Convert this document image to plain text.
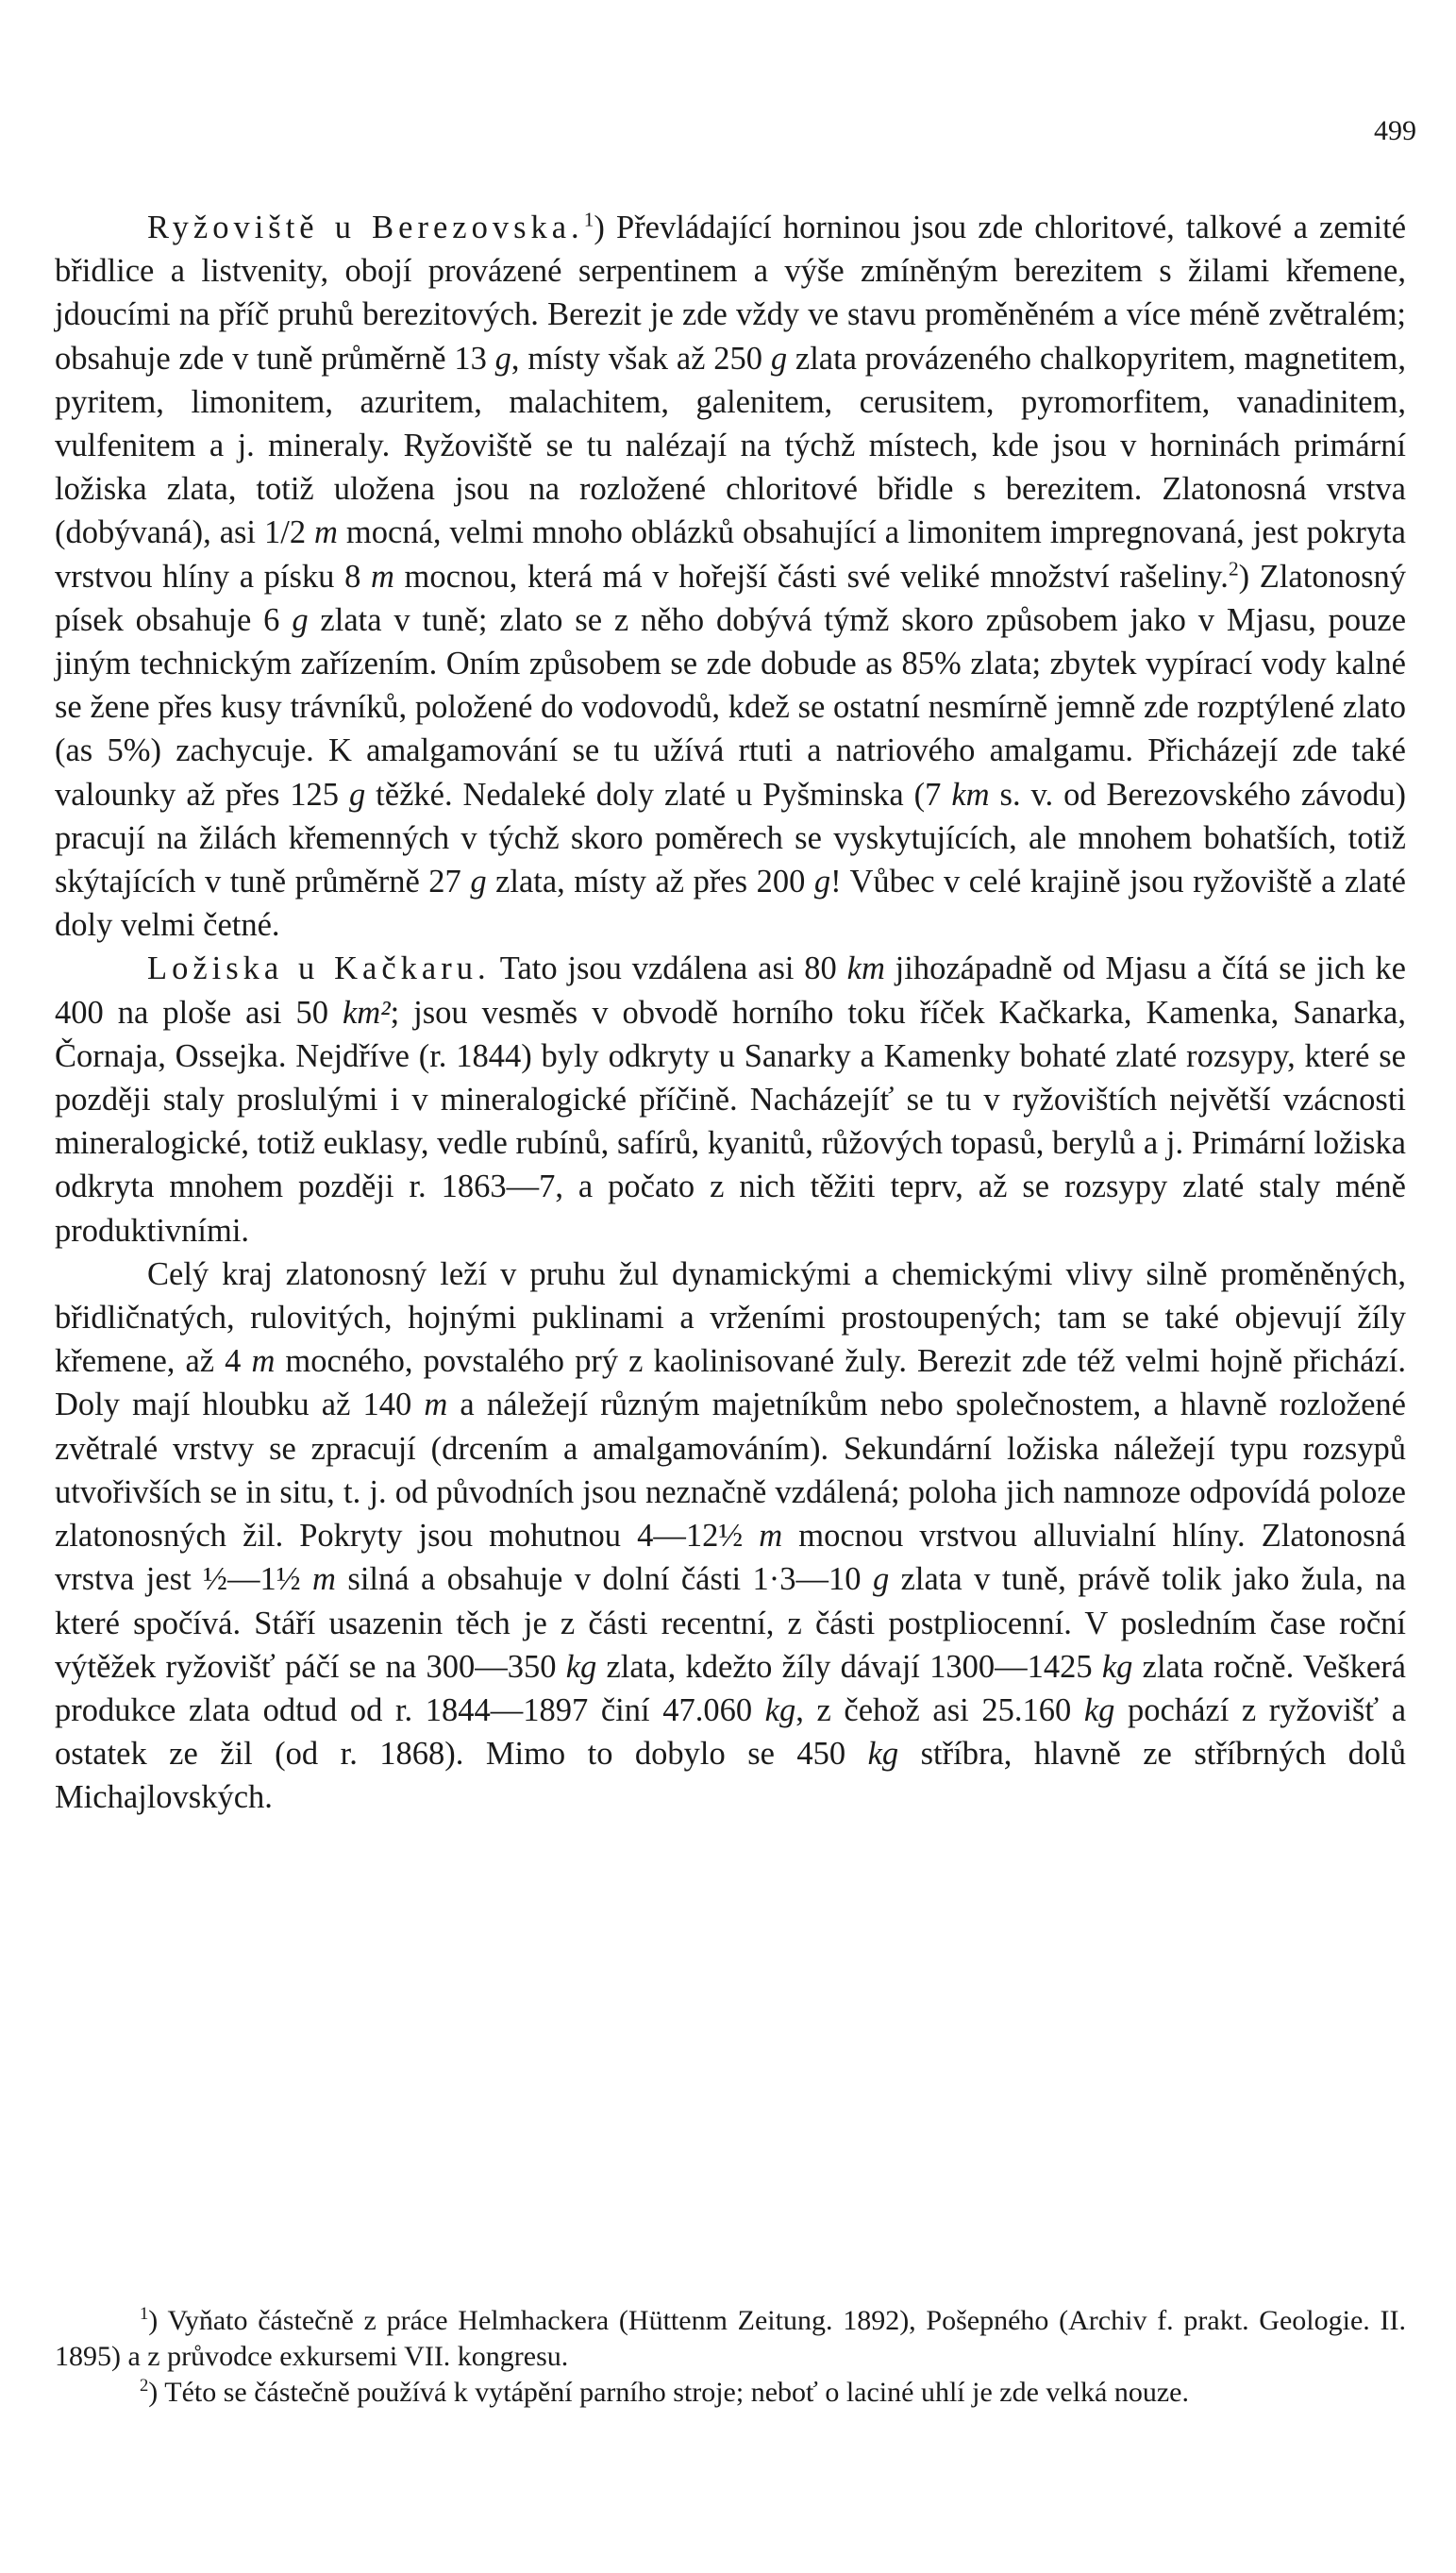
499

Ryžoviště u Berezovska.$^1$) Převládající horninou jsou zde chloritové, talkové a zemité břidlice a listvenity, obojí provázené serpentinem a výše zmíněným berezitem s žilami křemene, jdoucími na příč pruhů berezitových. Berezit je zde vždy ve stavu proměněném a více méně zvětralém; obsahuje zde v tuně průměrně 13 g, místy však až 250 g zlata provázeného chalkopyritem, magnetitem, pyritem, limonitem, azuritem, malachitem, galenitem, cerusitem, pyromorfitem, vanadinitem, vulfenitem a j. mineraly. Ryžoviště se tu nalézají na týchž místech, kde jsou v horninách primární ložiska zlata, totiž uložena jsou na rozložené chloritové břidle s berezitem. Zlatonosná vrstva (dobývaná), asi 1/2 m mocná, velmi mnoho oblázků obsahující a limonitem impregnovaná, jest pokryta vrstvou hlíny a písku 8 m mocnou, která má v hořejší části své veliké množství rašeliny.$^2$) Zlatonosný písek obsahuje 6 g zlata v tuně; zlato se z něho dobývá týmž skoro způsobem jako v Mjasu, pouze jiným technickým zařízením. Oním způsobem se zde dobude as 85% zlata; zbytek vypírací vody kalné se žene přes kusy trávníků, položené do vodovodů, kdež se ostatní nesmírně jemně zde rozptýlené zlato (as 5%) zachycuje. K amalgamování se tu užívá rtuti a natriového amalgamu. Přicházejí zde také valounky až přes 125 g těžké. Nedaleké doly zlaté u Pyšminska (7 km s. v. od Berezovského závodu) pracují na žilách křemenných v týchž skoro poměrech se vyskytujících, ale mnohem bohatších, totiž skýtajících v tuně průměrně 27 g zlata, místy až přes 200 g! Vůbec v celé krajině jsou ryžoviště a zlaté doly velmi četné.

Ložiska u Kačkaru. Tato jsou vzdálena asi 80 km jihozápadně od Mjasu a čítá se jich ke 400 na ploše asi 50 km²; jsou vesměs v obvodě horního toku říček Kačkarka, Kamenka, Sanarka, Čornaja, Ossejka. Nejdříve (r. 1844) byly odkryty u Sanarky a Kamenky bohaté zlaté rozsypy, které se později staly proslulými i v mineralogické příčině. Nacházejíť se tu v ryžovištích největší vzácnosti mineralogické, totiž euklasy, vedle rubínů, safírů, kyanitů, růžových topasů, berylů a j. Primární ložiska odkryta mnohem později r. 1863—7, a počato z nich těžiti teprv, až se rozsypy zlaté staly méně produktivními.

Celý kraj zlatonosný leží v pruhu žul dynamickými a chemickými vlivy silně proměněných, břidličnatých, rulovitých, hojnými puklinami a vrženími prostoupených; tam se také objevují žíly křemene, až 4 m mocného, povstalého prý z kaolinisované žuly. Berezit zde též velmi hojně přichází. Doly mají hloubku až 140 m a náležejí různým majetníkům nebo společnostem, a hlavně rozložené zvětralé vrstvy se zpracují (drcením a amalgamováním). Sekundární ložiska náležejí typu rozsypů utvořivších se in situ, t. j. od původních jsou neznačně vzdálená; poloha jich namnoze odpovídá poloze zlatonosných žil. Pokryty jsou mohutnou 4—12½ m mocnou vrstvou alluvialní hlíny. Zlatonosná vrstva jest ½—1½ m silná a obsahuje v dolní části 1·3—10 g zlata v tuně, právě tolik jako žula, na které spočívá. Stáří usazenin těch je z části recentní, z části postpliocenní. V posledním čase roční výtěžek ryžovišť páčí se na 300—350 kg zlata, kdežto žíly dávají 1300—1425 kg zlata ročně. Veškerá produkce zlata odtud od r. 1844—1897 činí 47.060 kg, z čehož asi 25.160 kg pochází z ryžovišť a ostatek ze žil (od r. 1868). Mimo to dobylo se 450 kg stříbra, hlavně ze stříbrných dolů Michajlovských.

$^1$) Vyňato částečně z práce Helmhackera (Hüttenm Zeitung. 1892), Pošepného (Archiv f. prakt. Geologie. II. 1895) a z průvodce exkursemi VII. kongresu.

$^2$) Této se částečně používá k vytápění parního stroje; neboť o laciné uhlí je zde velká nouze.
